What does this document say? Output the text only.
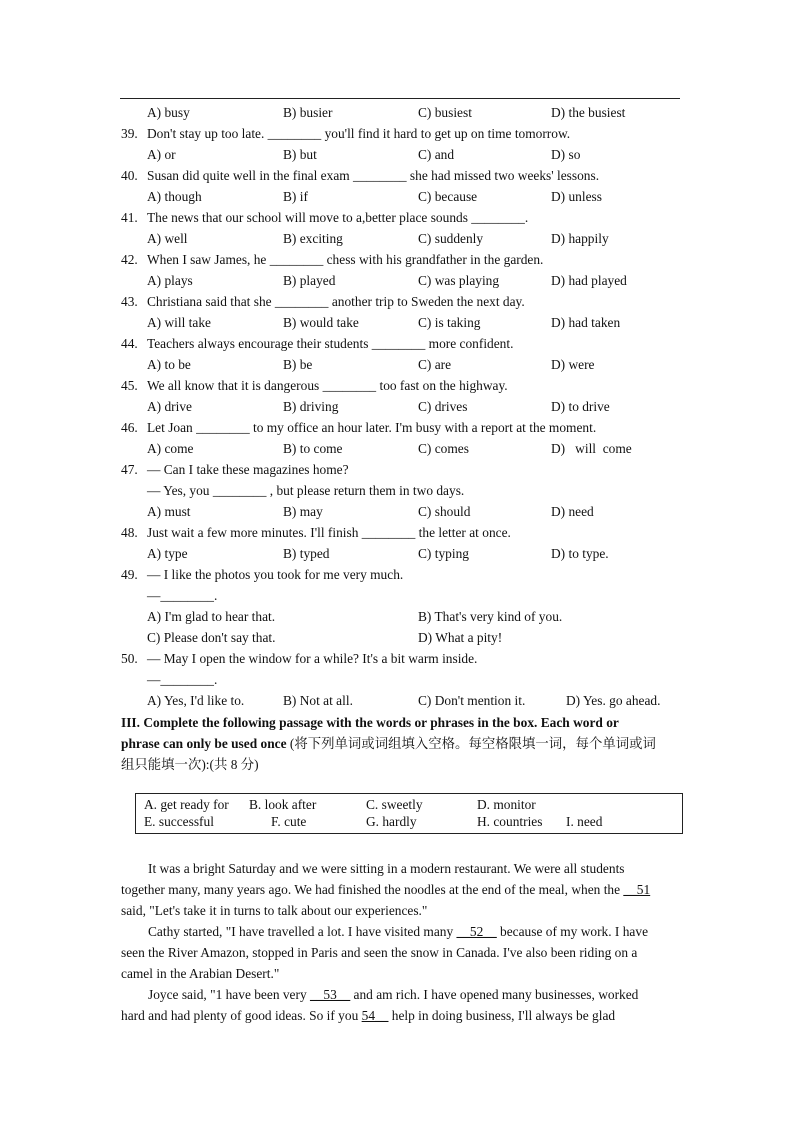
A) busy	B) busier	C) busiest	D) the busiest
39. Don't stay up too late. ________ you'll find it hard to get up on time tomorrow.
A) or	B) but	C) and	D) so
40. Susan did quite well in the final exam ________ she had missed two weeks' lessons.
A) though	B) if	C) because	D) unless
41. The news that our school will move to a,better place sounds ________.
A) well	B) exciting	C) suddenly	D) happily
42. When I saw James, he ________ chess with his grandfather in the garden.
A) plays	B) played	C) was playing	D) had played
43. Christiana said that she ________ another trip to Sweden the next day.
A) will take	B) would take	C) is taking	D) had taken
44. Teachers always encourage their students ________ more confident.
A) to be	B) be	C) are	D) were
45. We all know that it is dangerous ________ too fast on the highway.
A) drive	B) driving	C) drives	D) to drive
46. Let Joan ________ to my office an hour later. I'm busy with a report at the moment.
A) come	B) to come	C) comes	D)   will  come
47. — Can I take these magazines home?
— Yes, you ________ , but please return them in two days.
A) must	B) may	C) should	D) need
48. Just wait a few more minutes. I'll finish ________ the letter at once.
A) type	B) typed	C) typing	D) to type.
49. — I like the photos you took for me very much.
—________.
A) I'm glad to hear that.	B) That's very kind of you.
C) Please don't say that.	D) What a pity!
50. — May I open the window for a while? It's a bit warm inside.
—________.
A) Yes, I'd like to.	B) Not at all.	C) Don't mention it.	D) Yes. go ahead.
III. Complete the following passage with the words or phrases in the box. Each word or
phrase can only be used once (将下列单词或词组填入空格。每空格限填一词，每个单词或词
组只能填一次):(共 8 分)
A. get ready for B. look after	C. sweetly	D. monitor
E. successful	F. cute	G. hardly	H. countries I. need
It was a bright Saturday and we were sitting in a modern restaurant. We were all students
together many, many years ago. We had finished the noodles at the end of the meal, when the __51
said, "Let's take it in turns to talk about our experiences."
Cathy started, "I have travelled a lot. I have visited many __52__ because of my work. I have
seen the River Amazon, stopped in Paris and seen the snow in Canada. I've also been riding on a
camel in the Arabian Desert."
Joyce said, "1 have been very __53__ and am rich. I have opened many businesses, worked
hard and had plenty of good ideas. So if you 54__ help in doing business, I'll always be glad
